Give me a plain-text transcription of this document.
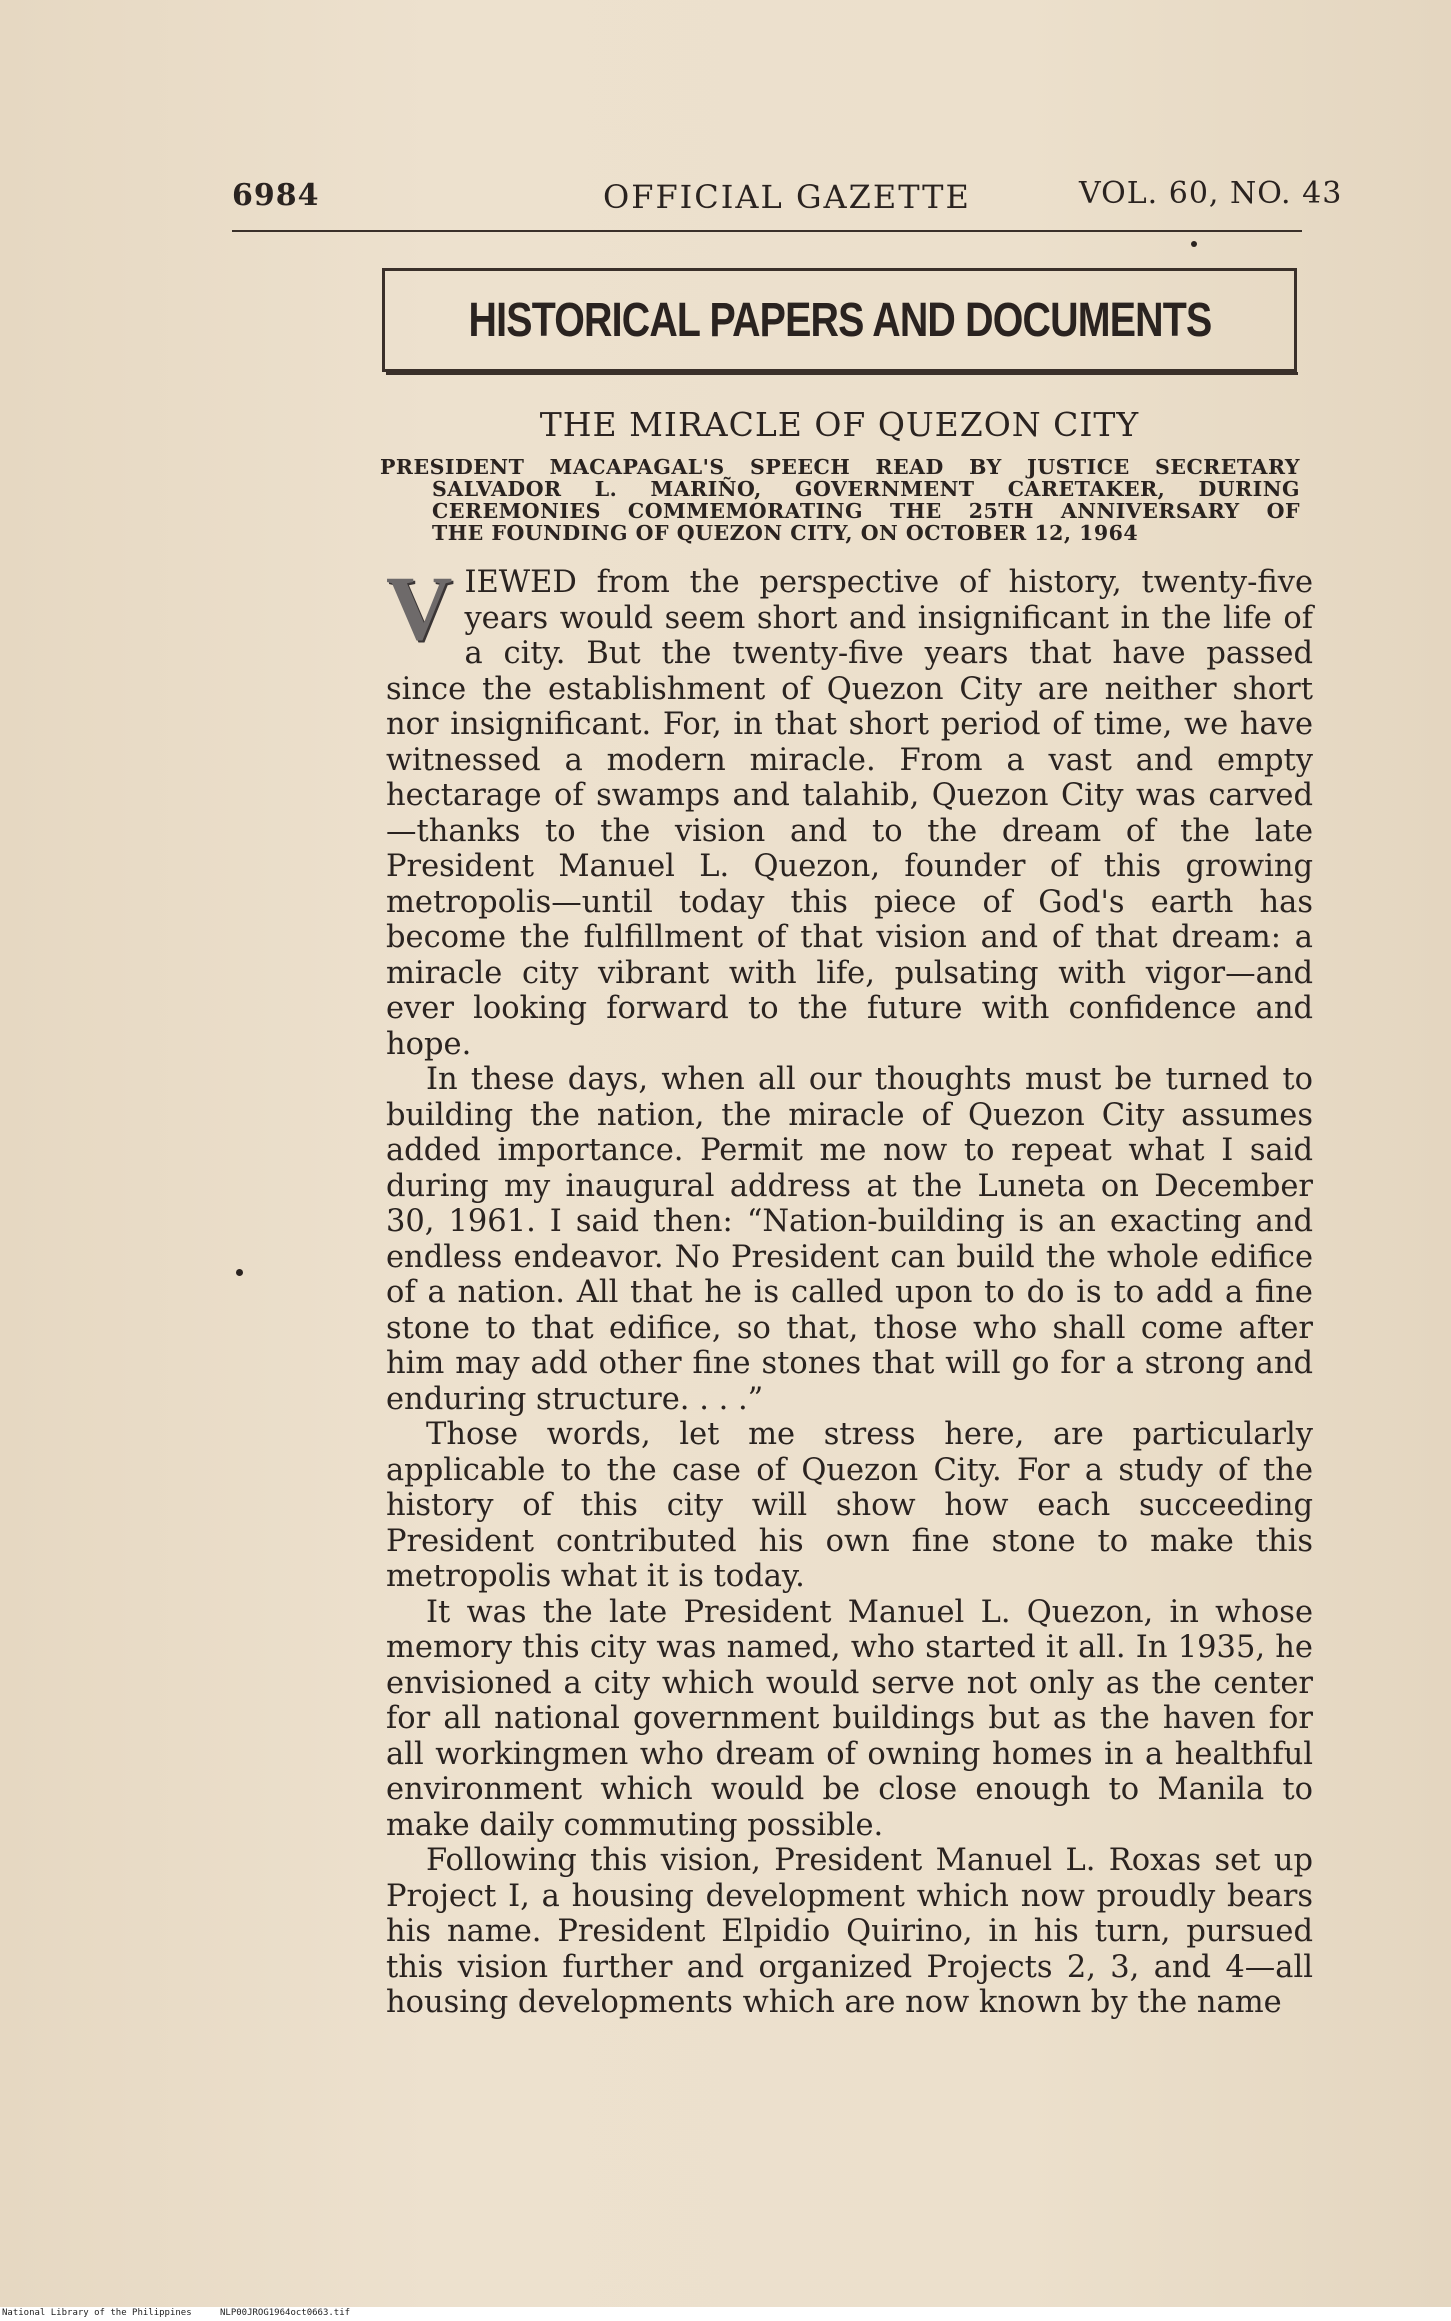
6984	OFFICIAL GAZETTE	VOL. 60, NO. 43
HISTORICAL PAPERS AND DOCUMENTS
THE MIRACLE OF QUEZON CITY
PRESIDENT MACAPAGAL'S SPEECH READ BY JUSTICE SECRETARY
SALVADOR L. MARIÑO, GOVERNMENT CARETAKER, DURING
CEREMONIES COMMEMORATING THE 25TH ANNIVERSARY OF
THE FOUNDING OF QUEZON CITY, ON OCTOBER 12, 1964

VIEWED from the perspective of history, twenty-five years would seem short and insignificant in the life of a city. But the twenty-five years that have passed since the establishment of Quezon City are neither short nor insignificant. For, in that short period of time, we have witnessed a modern miracle. From a vast and empty hectarage of swamps and talahib, Quezon City was carved—thanks to the vision and to the dream of the late President Manuel L. Quezon, founder of this growing metropolis—until today this piece of God's earth has become the fulfillment of that vision and of that dream: a miracle city vibrant with life, pulsating with vigor—and ever looking forward to the future with confidence and hope.

In these days, when all our thoughts must be turned to building the nation, the miracle of Quezon City assumes added importance. Permit me now to repeat what I said during my inaugural address at the Luneta on December 30, 1961. I said then: “Nation-building is an exacting and endless endeavor. No President can build the whole edifice of a nation. All that he is called upon to do is to add a fine stone to that edifice, so that, those who shall come after him may add other fine stones that will go for a strong and enduring structure. . . .”

Those words, let me stress here, are particularly applicable to the case of Quezon City. For a study of the history of this city will show how each succeeding President contributed his own fine stone to make this metropolis what it is today.

It was the late President Manuel L. Quezon, in whose memory this city was named, who started it all. In 1935, he envisioned a city which would serve not only as the center for all national government buildings but as the haven for all workingmen who dream of owning homes in a healthful environment which would be close enough to Manila to make daily commuting possible.

Following this vision, President Manuel L. Roxas set up Project I, a housing development which now proudly bears his name. President Elpidio Quirino, in his turn, pursued this vision further and organized Projects 2, 3, and 4—all housing developments which are now known by the name

National Library of the Philippines	NLP00JROG1964oct0663.tif
